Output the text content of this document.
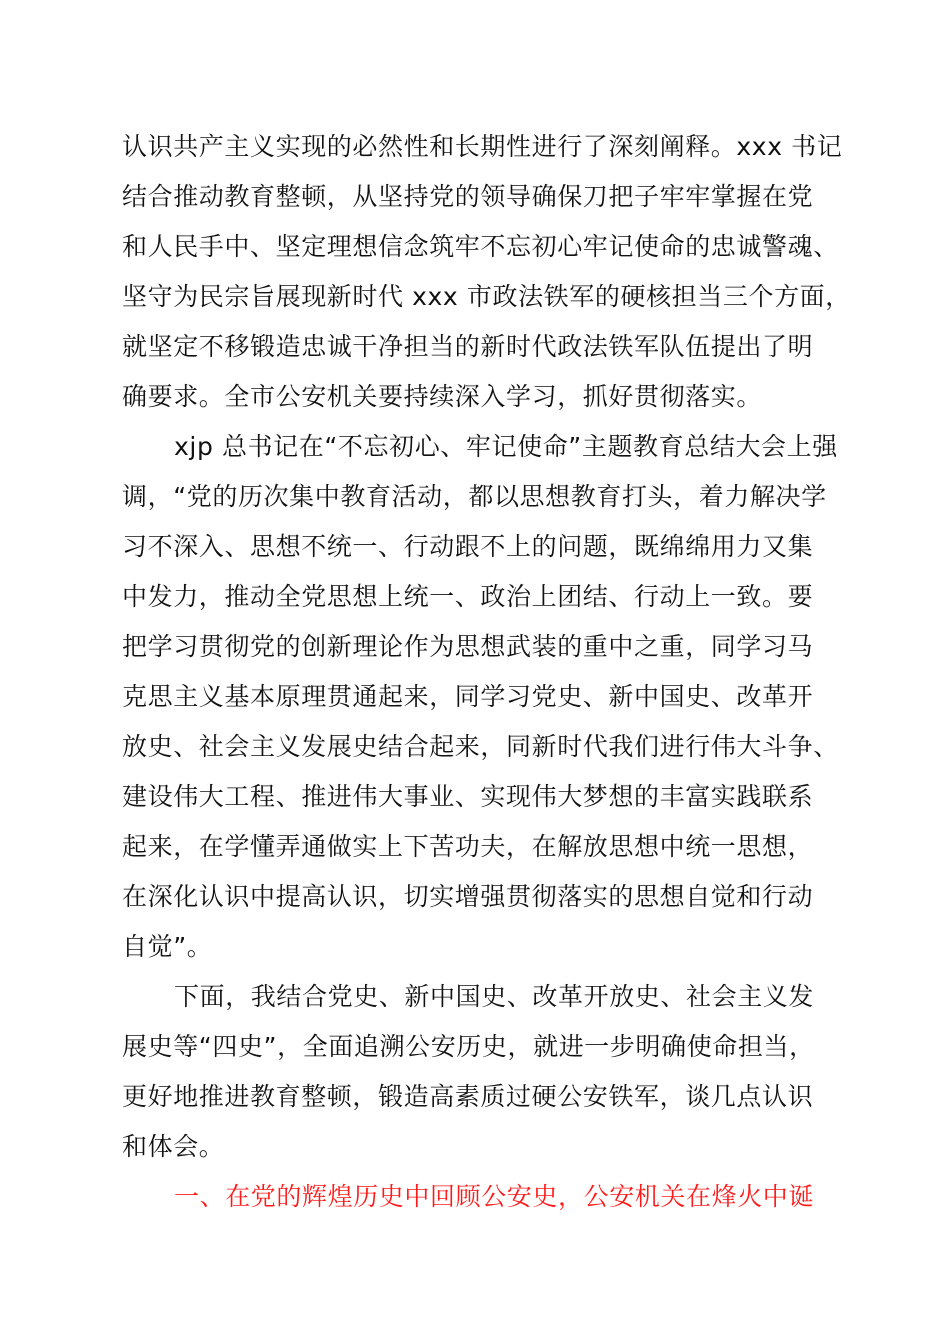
认识共产主义实现的必然性和长期性进行了深刻阐释。xxx 书记
结合推动教育整顿，从坚持党的领导确保刀把子牢牢掌握在党
和人民手中、坚定理想信念筑牢不忘初心牢记使命的忠诚警魂、
坚守为民宗旨展现新时代 xxx 市政法铁军的硬核担当三个方面，
就坚定不移锻造忠诚干净担当的新时代政法铁军队伍提出了明
确要求。全市公安机关要持续深入学习，抓好贯彻落实。
xjp 总书记在“不忘初心、牢记使命”主题教育总结大会上强
调，“党的历次集中教育活动，都以思想教育打头，着力解决学
习不深入、思想不统一、行动跟不上的问题，既绵绵用力又集
中发力，推动全党思想上统一、政治上团结、行动上一致。要
把学习贯彻党的创新理论作为思想武装的重中之重，同学习马
克思主义基本原理贯通起来，同学习党史、新中国史、改革开
放史、社会主义发展史结合起来，同新时代我们进行伟大斗争、
建设伟大工程、推进伟大事业、实现伟大梦想的丰富实践联系
起来，在学懂弄通做实上下苦功夫，在解放思想中统一思想，
在深化认识中提高认识，切实增强贯彻落实的思想自觉和行动
自觉”。
下面，我结合党史、新中国史、改革开放史、社会主义发
展史等“四史”，全面追溯公安历史，就进一步明确使命担当，
更好地推进教育整顿，锻造高素质过硬公安铁军，谈几点认识
和体会。
一、在党的辉煌历史中回顾公安史，公安机关在烽火中诞
